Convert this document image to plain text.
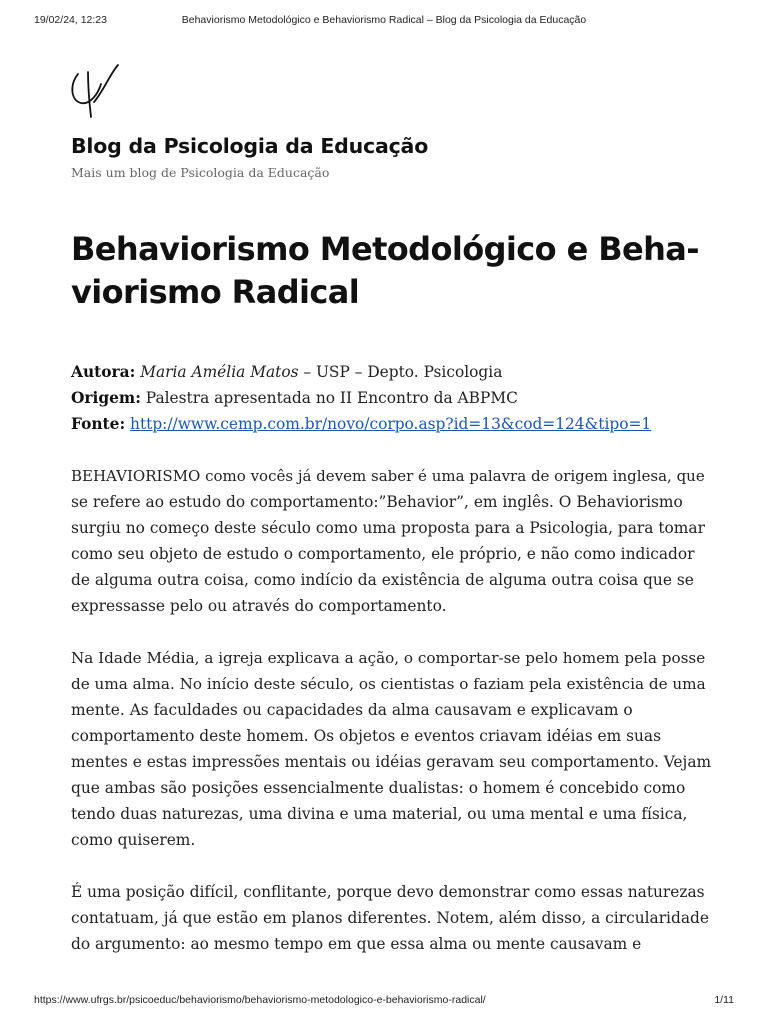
19/02/24, 12:23	Behaviorismo Metodológico e Behaviorismo Radical – Blog da Psicologia da Educação
Blog da Psicologia da Educação

Mais um blog de Psicologia da Educação

Behaviorismo Metodológico e Beha-
viorismo Radical
Autora: Maria Amélia Matos – USP – Depto. Psicologia
Origem: Palestra apresentada no II Encontro da ABPMC
Fonte: http://www.cemp.com.br/novo/corpo.asp?id=13&cod=124&tipo=1

BEHAVIORISMO como vocês já devem saber é uma palavra de origem inglesa, que
se refere ao estudo do comportamento:”Behavior”, em inglês. O Behaviorismo
surgiu no começo deste século como uma proposta para a Psicologia, para tomar
como seu objeto de estudo o comportamento, ele próprio, e não como indicador
de alguma outra coisa, como indício da existência de alguma outra coisa que se
expressasse pelo ou através do comportamento.

Na Idade Média, a igreja explicava a ação, o comportar-se pelo homem pela posse
de uma alma. No início deste século, os cientistas o faziam pela existência de uma
mente. As faculdades ou capacidades da alma causavam e explicavam o
comportamento deste homem. Os objetos e eventos criavam idéias em suas
mentes e estas impressões mentais ou idéias geravam seu comportamento. Vejam
que ambas são posições essencialmente dualistas: o homem é concebido como
tendo duas naturezas, uma divina e uma material, ou uma mental e uma física,
como quiserem.

É uma posição difícil, conflitante, porque devo demonstrar como essas naturezas
contatuam, já que estão em planos diferentes. Notem, além disso, a circularidade
do argumento: ao mesmo tempo em que essa alma ou mente causavam e

https://www.ufrgs.br/psicoeduc/behaviorismo/behaviorismo-metodologico-e-behaviorismo-radical/	1/11
